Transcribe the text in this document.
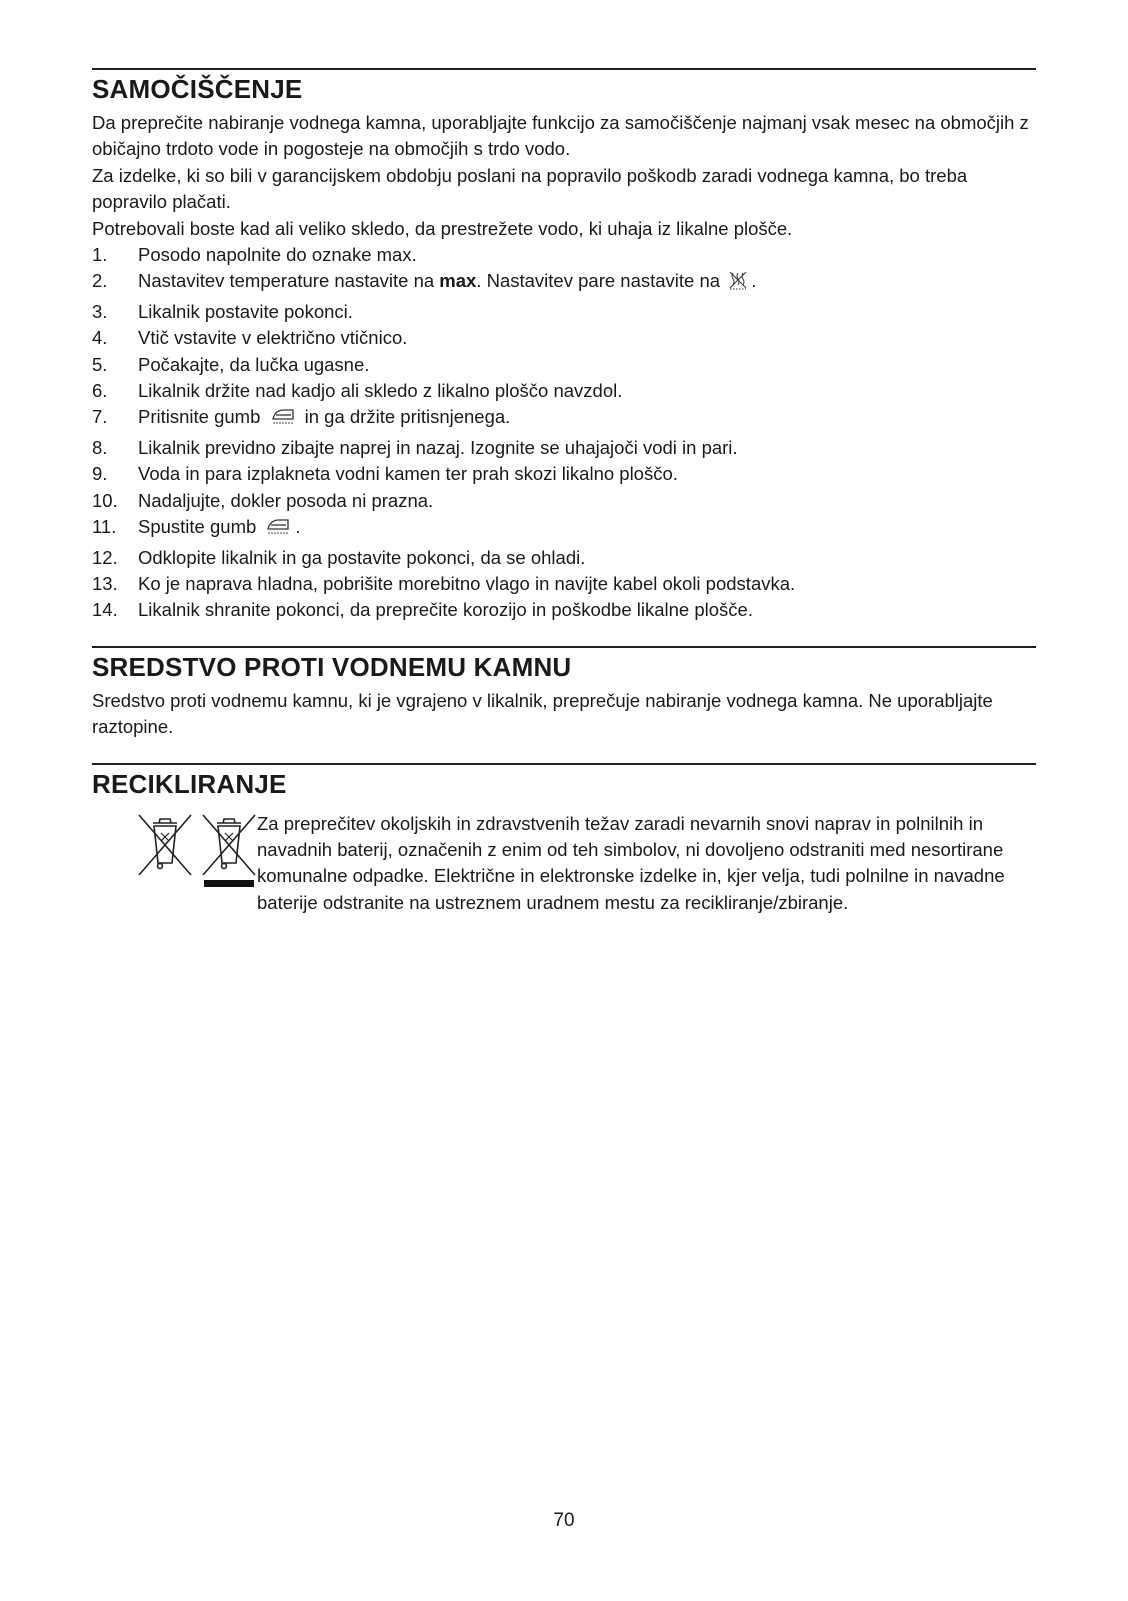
SAMOČIŠČENJE

Da preprečite nabiranje vodnega kamna, uporabljajte funkcijo za samočiščenje najmanj vsak mesec na območjih z običajno trdoto vode in pogosteje na območjih s trdo vodo.

Za izdelke, ki so bili v garancijskem obdobju poslani na popravilo poškodb zaradi vodnega kamna, bo treba popravilo plačati.

Potrebovali boste kad ali veliko skledo, da prestrežete vodo, ki uhaja iz likalne plošče.

1.	Posodo napolnite do oznake max.
2.	Nastavitev temperature nastavite na max. Nastavitev pare nastavite na .
3.	Likalnik postavite pokonci.
4.	Vtič vstavite v električno vtičnico.
5.	Počakajte, da lučka ugasne.
6.	Likalnik držite nad kadjo ali skledo z likalno ploščo navzdol.
7.	Pritisnite gumb  in ga držite pritisnjenega.
8.	Likalnik previdno zibajte naprej in nazaj. Izognite se uhajajoči vodi in pari.
9.	Voda in para izplakneta vodni kamen ter prah skozi likalno ploščo.
10.	Nadaljujte, dokler posoda ni prazna.
11.	Spustite gumb .
12.	Odklopite likalnik in ga postavite pokonci, da se ohladi.
13.	Ko je naprava hladna, pobrišite morebitno vlago in navijte kabel okoli podstavka.
14.	Likalnik shranite pokonci, da preprečite korozijo in poškodbe likalne plošče.
SREDSTVO PROTI VODNEMU KAMNU

Sredstvo proti vodnemu kamnu, ki je vgrajeno v likalnik, preprečuje nabiranje vodnega kamna. Ne uporabljajte raztopine.

RECIKLIRANJE

Za preprečitev okoljskih in zdravstvenih težav zaradi nevarnih snovi naprav in polnilnih in navadnih baterij, označenih z enim od teh simbolov, ni dovoljeno odstraniti med nesortirane komunalne odpadke. Električne in elektronske izdelke in, kjer velja, tudi polnilne in navadne baterije odstranite na ustreznem uradnem mestu za recikliranje/zbiranje.

70
